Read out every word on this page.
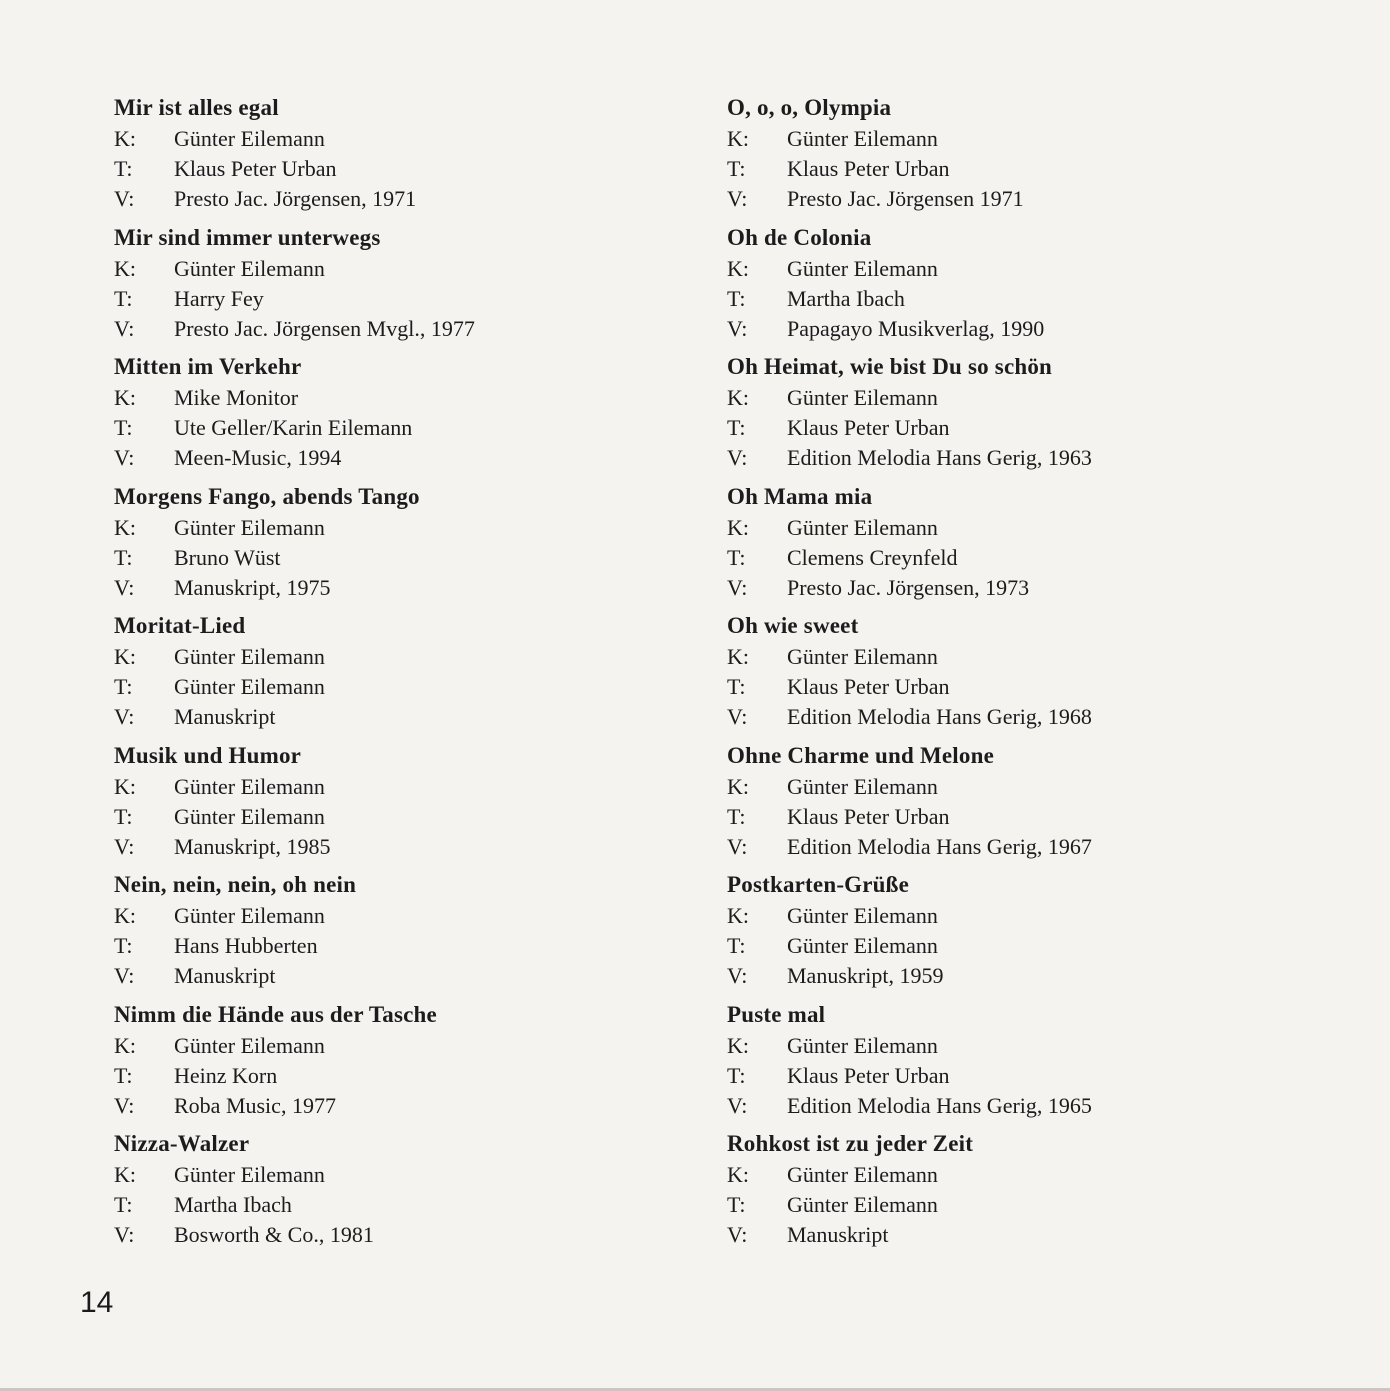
Mir ist alles egal
K:	Günter Eilemann
T:	Klaus Peter Urban
V:	Presto Jac. Jörgensen, 1971
Mir sind immer unterwegs
K:	Günter Eilemann
T:	Harry Fey
V:	Presto Jac. Jörgensen Mvgl., 1977
Mitten im Verkehr
K:	Mike Monitor
T:	Ute Geller/Karin Eilemann
V:	Meen-Music, 1994
Morgens Fango, abends Tango
K:	Günter Eilemann
T:	Bruno Wüst
V:	Manuskript, 1975
Moritat-Lied
K:	Günter Eilemann
T:	Günter Eilemann
V:	Manuskript
Musik und Humor
K:	Günter Eilemann
T:	Günter Eilemann
V:	Manuskript, 1985
Nein, nein, nein, oh nein
K:	Günter Eilemann
T:	Hans Hubberten
V:	Manuskript
Nimm die Hände aus der Tasche
K:	Günter Eilemann
T:	Heinz Korn
V:	Roba Music, 1977
Nizza-Walzer
K:	Günter Eilemann
T:	Martha Ibach
V:	Bosworth & Co., 1981
O, o, o, Olympia
K:	Günter Eilemann
T:	Klaus Peter Urban
V:	Presto Jac. Jörgensen 1971
Oh de Colonia
K:	Günter Eilemann
T:	Martha Ibach
V:	Papagayo Musikverlag, 1990
Oh Heimat, wie bist Du so schön
K:	Günter Eilemann
T:	Klaus Peter Urban
V:	Edition Melodia Hans Gerig, 1963
Oh Mama mia
K:	Günter Eilemann
T:	Clemens Creynfeld
V:	Presto Jac. Jörgensen, 1973
Oh wie sweet
K:	Günter Eilemann
T:	Klaus Peter Urban
V:	Edition Melodia Hans Gerig, 1968
Ohne Charme und Melone
K:	Günter Eilemann
T:	Klaus Peter Urban
V:	Edition Melodia Hans Gerig, 1967
Postkarten-Grüße
K:	Günter Eilemann
T:	Günter Eilemann
V:	Manuskript, 1959
Puste mal
K:	Günter Eilemann
T:	Klaus Peter Urban
V:	Edition Melodia Hans Gerig, 1965
Rohkost ist zu jeder Zeit
K:	Günter Eilemann
T:	Günter Eilemann
V:	Manuskript
14
